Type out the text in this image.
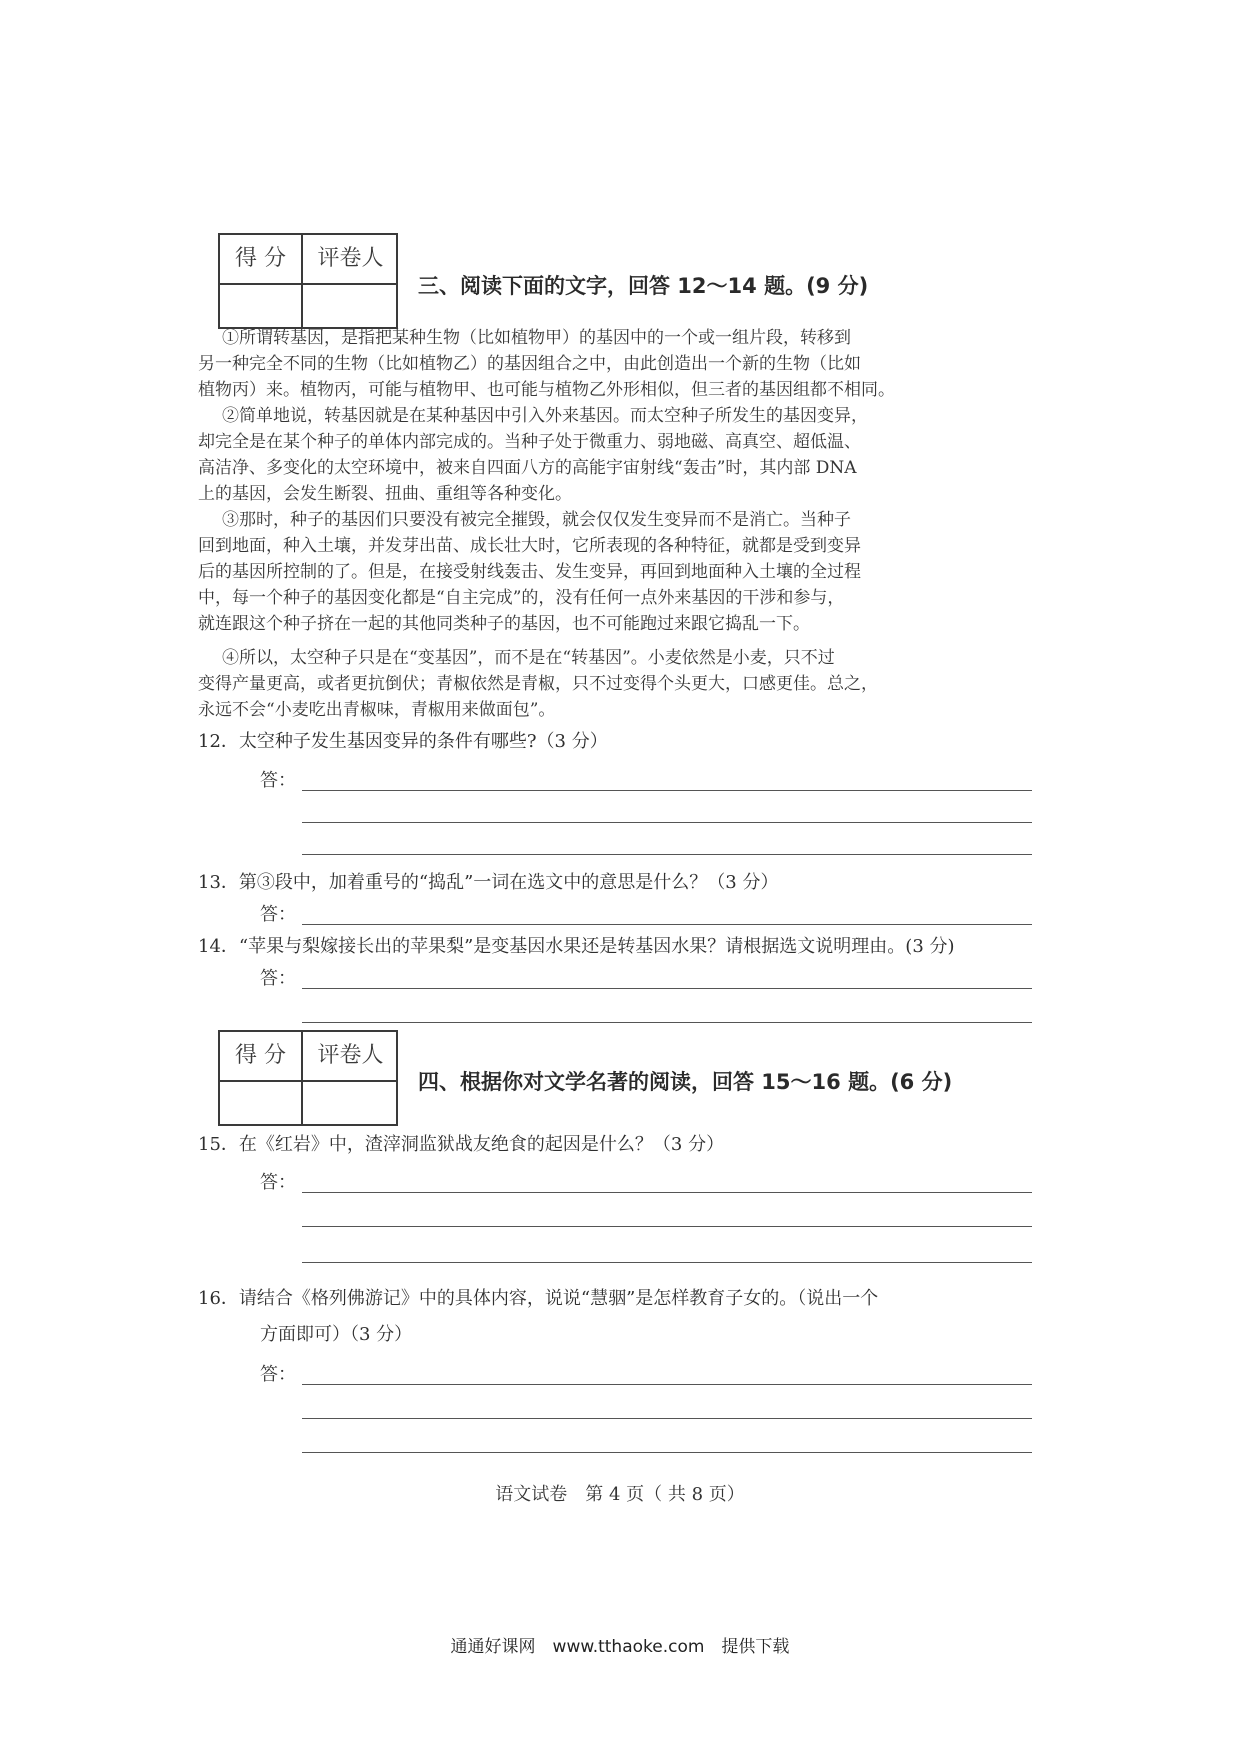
得 分	评卷人
三、阅读下面的文字，回答 12～14 题。(9 分)
①所谓转基因，是指把某种生物（比如植物甲）的基因中的一个或一组片段，转移到
另一种完全不同的生物（比如植物乙）的基因组合之中，由此创造出一个新的生物（比如
植物丙）来。植物丙，可能与植物甲、也可能与植物乙外形相似，但三者的基因组都不相同。
②简单地说，转基因就是在某种基因中引入外来基因。而太空种子所发生的基因变异，
却完全是在某个种子的单体内部完成的。当种子处于微重力、弱地磁、高真空、超低温、
高洁净、多变化的太空环境中，被来自四面八方的高能宇宙射线“轰击”时，其内部 DNA
上的基因，会发生断裂、扭曲、重组等各种变化。
③那时，种子的基因们只要没有被完全摧毁，就会仅仅发生变异而不是消亡。当种子
回到地面，种入土壤，并发芽出苗、成长壮大时，它所表现的各种特征，就都是受到变异
后的基因所控制的了。但是，在接受射线轰击、发生变异，再回到地面种入土壤的全过程
中，每一个种子的基因变化都是“自主完成”的，没有任何一点外来基因的干涉和参与，
就连跟这个种子挤在一起的其他同类种子的基因，也不可能跑过来跟它捣乱一下。
④所以，太空种子只是在“变基因”，而不是在“转基因”。小麦依然是小麦，只不过
变得产量更高，或者更抗倒伏；青椒依然是青椒，只不过变得个头更大，口感更佳。总之，
永远不会“小麦吃出青椒味，青椒用来做面包”。
12．太空种子发生基因变异的条件有哪些?（3 分）
答：
13．第③段中，加着重号的“捣乱”一词在选文中的意思是什么？（3 分）
答：
14．“苹果与梨嫁接长出的苹果梨”是变基因水果还是转基因水果？请根据选文说明理由。(3 分)
答：
得 分	评卷人
四、根据你对文学名著的阅读，回答 15～16 题。(6 分)
15．在《红岩》中，渣滓洞监狱战友绝食的起因是什么？（3 分）
答：
16．请结合《格列佛游记》中的具体内容，说说“慧骃”是怎样教育子女的。（说出一个
方面即可）（3 分）
答：
语文试卷　第 4 页（ 共 8 页）
通通好课网　www.tthaoke.com　提供下载
